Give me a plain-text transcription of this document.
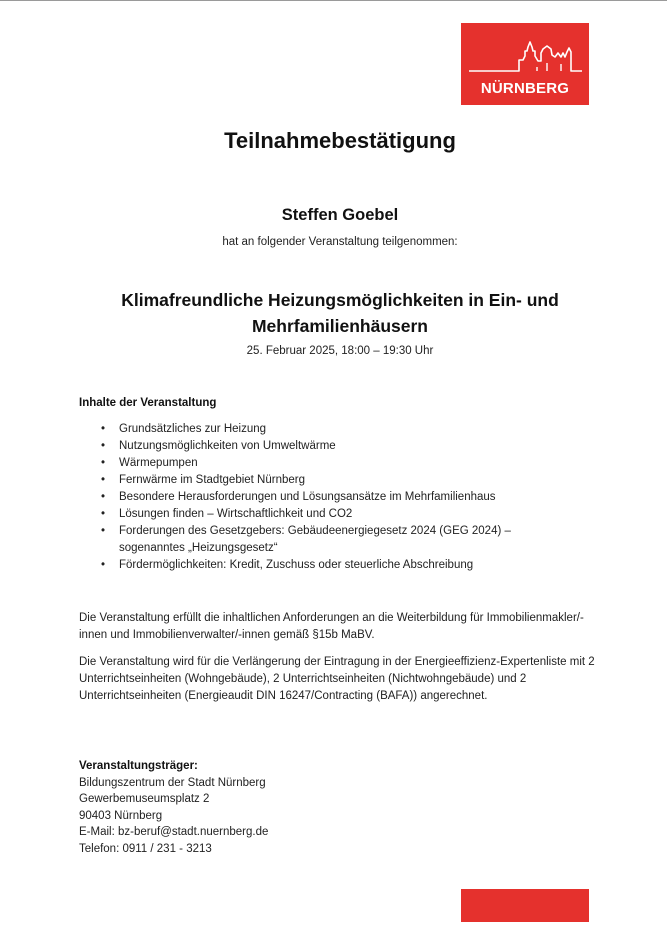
NÜRNBERG
Teilnahmebestätigung
Steffen Goebel
hat an folgender Veranstaltung teilgenommen:
Klimafreundliche Heizungsmöglichkeiten in Ein- und Mehrfamilienhäusern
25. Februar 2025, 18:00 – 19:30 Uhr
Inhalte der Veranstaltung
• Grundsätzliches zur Heizung
• Nutzungsmöglichkeiten von Umweltwärme
• Wärmepumpen
• Fernwärme im Stadtgebiet Nürnberg
• Besondere Herausforderungen und Lösungsansätze im Mehrfamilienhaus
• Lösungen finden – Wirtschaftlichkeit und CO2
• Forderungen des Gesetzgebers: Gebäudeenergiegesetz 2024 (GEG 2024) – sogenanntes „Heizungsgesetz“
• Fördermöglichkeiten: Kredit, Zuschuss oder steuerliche Abschreibung
Die Veranstaltung erfüllt die inhaltlichen Anforderungen an die Weiterbildung für Immobilienmakler/-innen und Immobilienverwalter/-innen gemäß §15b MaBV.
Die Veranstaltung wird für die Verlängerung der Eintragung in der Energieeffizienz-Expertenliste mit 2 Unterrichtseinheiten (Wohngebäude), 2 Unterrichtseinheiten (Nichtwohngebäude) und 2 Unterrichtseinheiten (Energieaudit DIN 16247/Contracting (BAFA)) angerechnet.
Veranstaltungsträger:
Bildungszentrum der Stadt Nürnberg
Gewerbemuseumsplatz 2
90403 Nürnberg
E-Mail: bz-beruf@stadt.nuernberg.de
Telefon: 0911 / 231 - 3213
